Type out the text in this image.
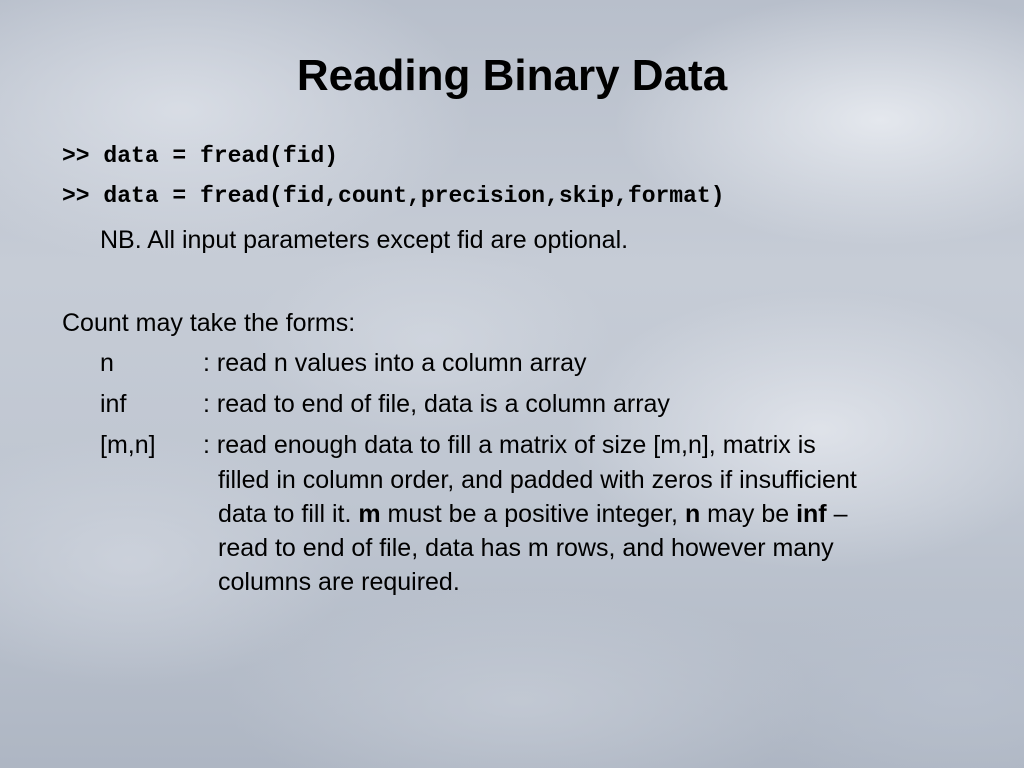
Reading Binary Data
>> data = fread(fid)
>> data = fread(fid,count,precision,skip,format)
NB. All input parameters except fid are optional.
Count may take the forms:
n	: read n values into a column array
inf	: read to end of file, data is a column array
[m,n] : read enough data to fill a matrix of size [m,n], matrix is
filled in column order, and padded with zeros if insufficient
data to fill it. m must be a positive integer, n may be inf –
read to end of file, data has m rows, and however many
columns are required.
